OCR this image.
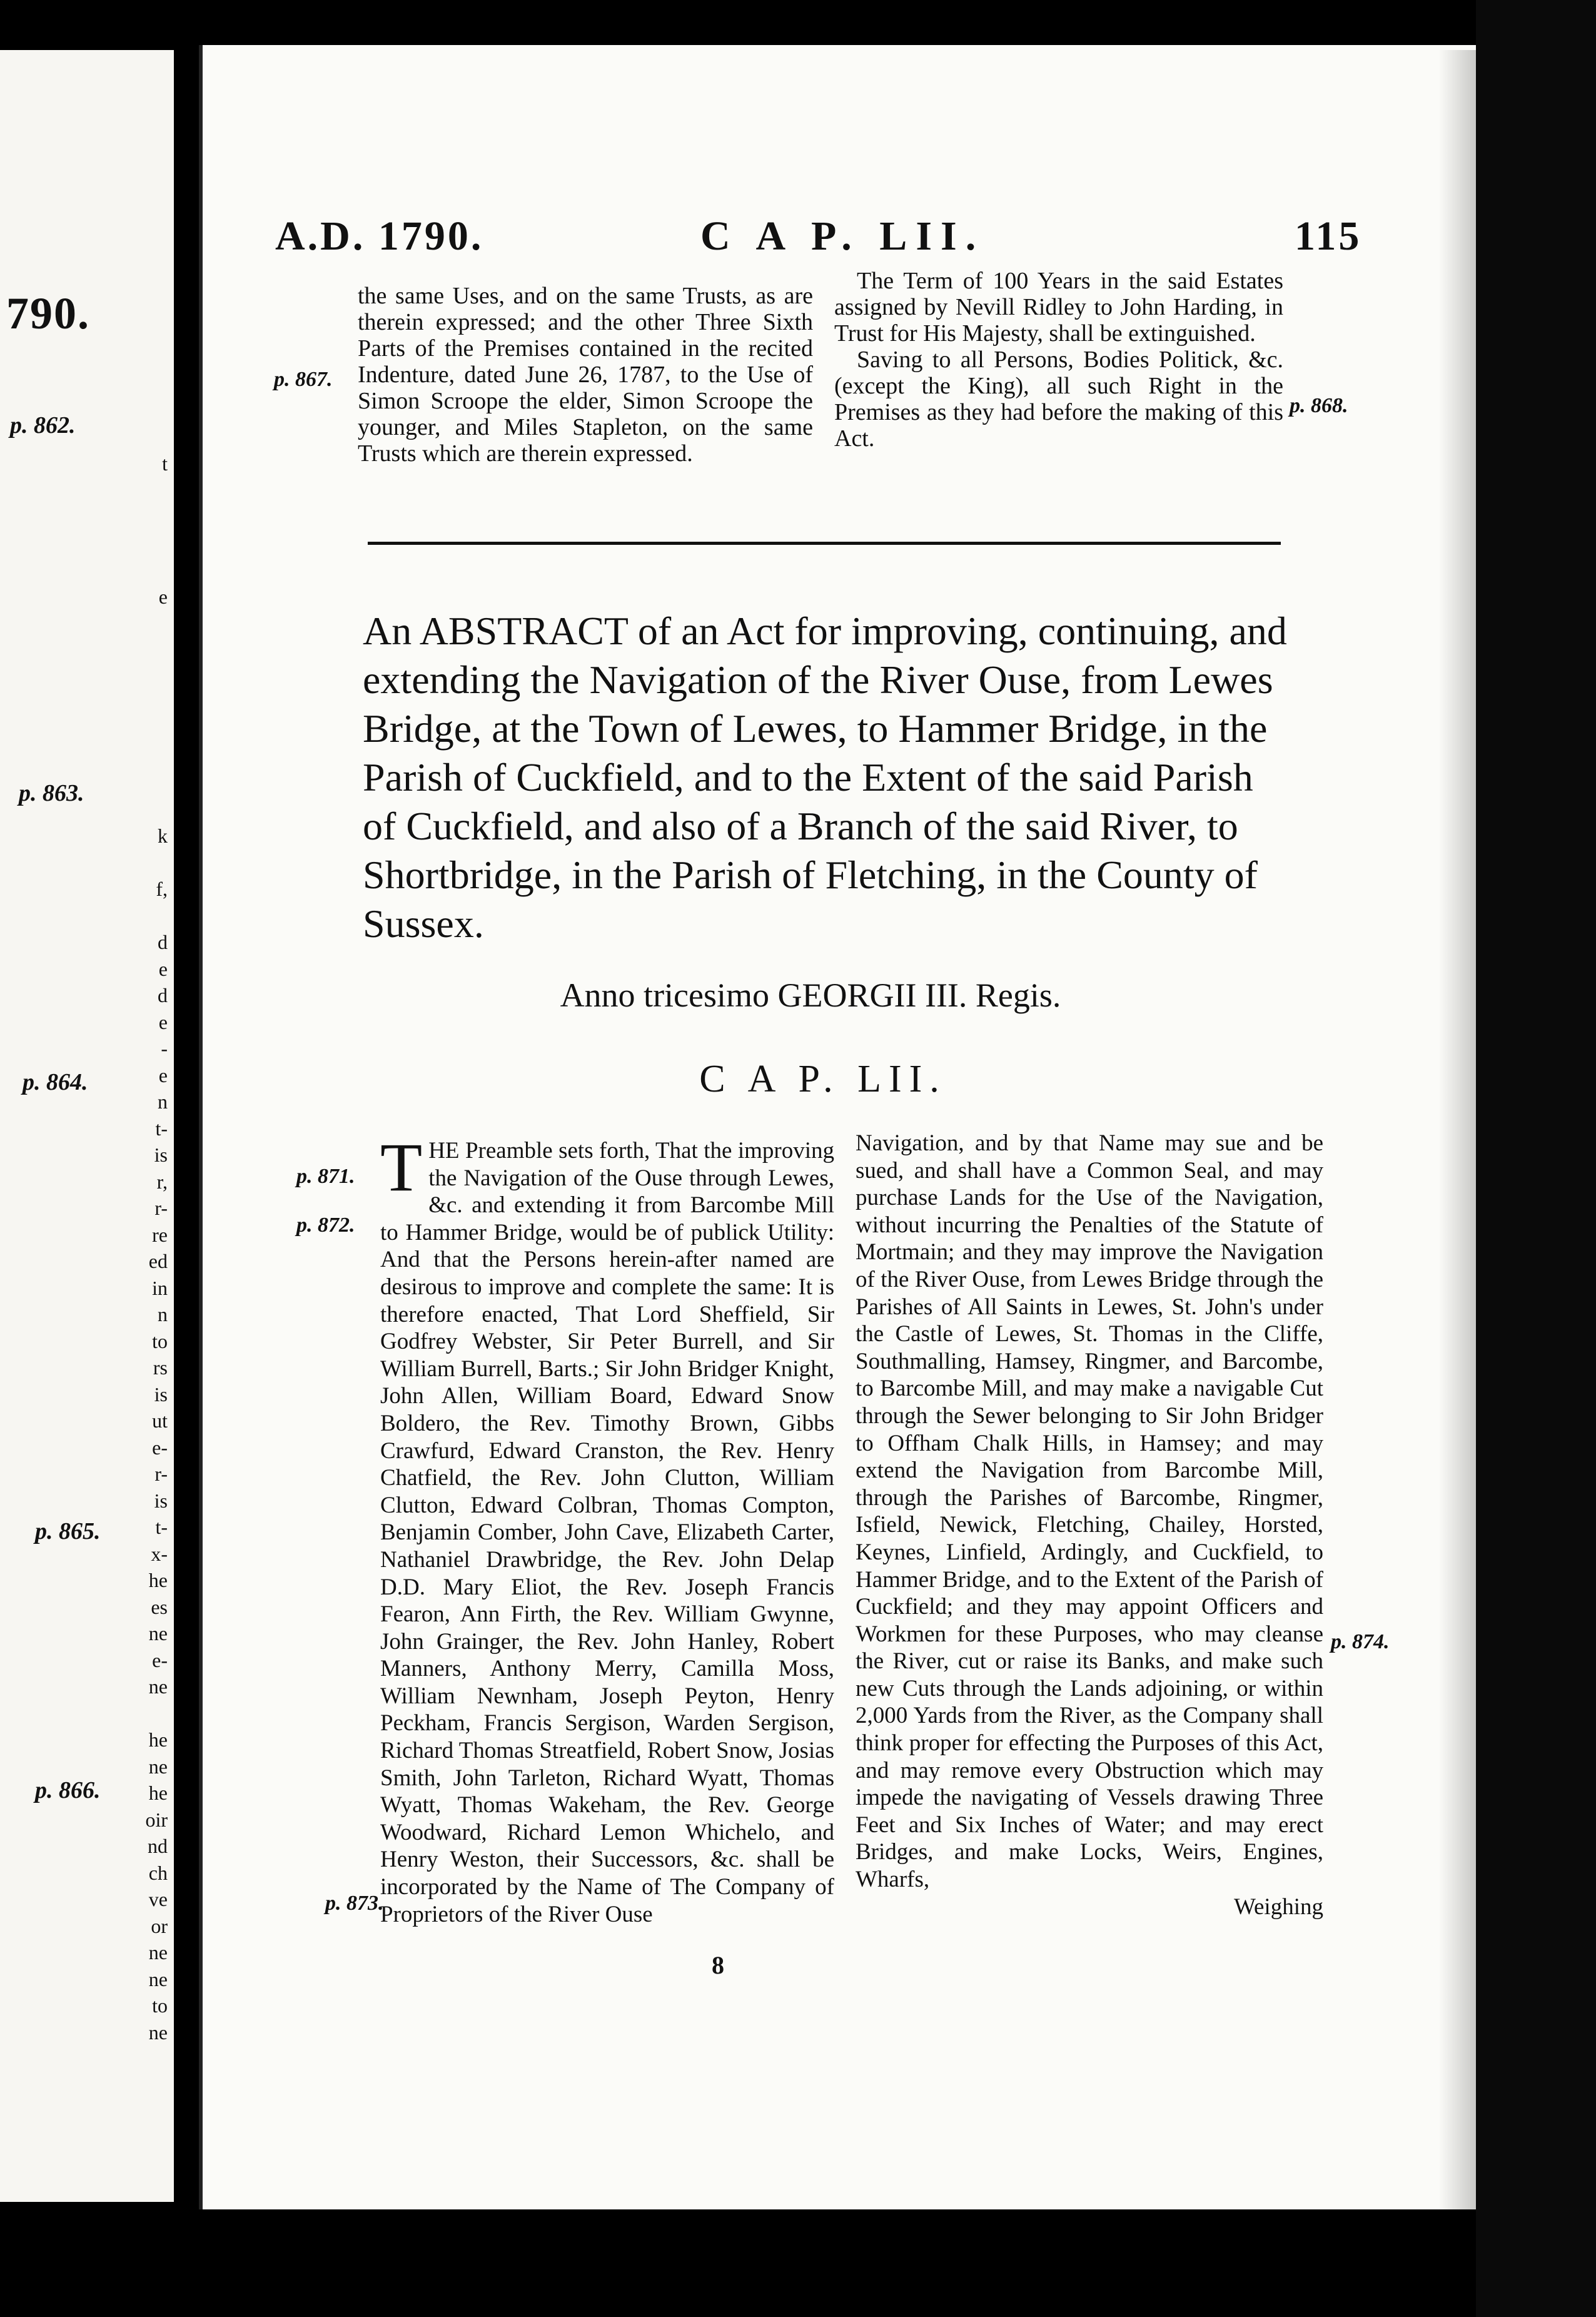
790.
p. 862.
p. 863.
p. 864.
p. 865.
p. 866.
t

e

k

f,

d
e
d
e
-
e
n
t-
is
r,
r-
re
ed
in
n
to
rs
is
ut
e-
r-
is
t-
x-
he
es
ne
e-
ne

he
ne
he
oir
nd
ch
ve
or
ne
ne
to
ne
A.D. 1790.	C A P. LII.	115
the same Uses, and on the same Trusts, as are therein expressed; and the other Three Sixth Parts of the Premises contained in the recited Indenture, dated June 26, 1787, to the Use of Simon Scroope the elder, Simon Scroope the younger, and Miles Stapleton, on the same Trusts which are therein expressed.
The Term of 100 Years in the said Estates assigned by Nevill Ridley to John Harding, in Trust for His Majesty, shall be extinguished.
Saving to all Persons, Bodies Politick, &c. (except the King), all such Right in the Premises as they had before the making of this Act.
p. 867.
p. 868.
An ABSTRACT of an Act for improving, continuing, and extending the Navigation of the River Ouse, from Lewes Bridge, at the Town of Lewes, to Hammer Bridge, in the Parish of Cuckfield, and to the Extent of the said Parish of Cuckfield, and also of a Branch of the said River, to Shortbridge, in the Parish of Fletching, in the County of Sussex.
Anno tricesimo GEORGII III. Regis.
C A P. LII.
THE Preamble sets forth, That the improving the Navigation of the Ouse through Lewes, &c. and extending it from Barcombe Mill to Hammer Bridge, would be of publick Utility: And that the Persons herein-after named are desirous to improve and complete the same: It is therefore enacted, That Lord Sheffield, Sir Godfrey Webster, Sir Peter Burrell, and Sir William Burrell, Barts.; Sir John Bridger Knight, John Allen, William Board, Edward Snow Boldero, the Rev. Timothy Brown, Gibbs Crawfurd, Edward Cranston, the Rev. Henry Chatfield, the Rev. John Clutton, William Clutton, Edward Colbran, Thomas Compton, Benjamin Comber, John Cave, Elizabeth Carter, Nathaniel Drawbridge, the Rev. John Delap D.D. Mary Eliot, the Rev. Joseph Francis Fearon, Ann Firth, the Rev. William Gwynne, John Grainger, the Rev. John Hanley, Robert Manners, Anthony Merry, Camilla Moss, William Newnham, Joseph Peyton, Henry Peckham, Francis Sergison, Warden Sergison, Richard Thomas Streatfield, Robert Snow, Josias Smith, John Tarleton, Richard Wyatt, Thomas Wyatt, Thomas Wakeham, the Rev. George Woodward, Richard Lemon Whichelo, and Henry Weston, their Successors, &c. shall be incorporated by the Name of The Company of Proprietors of the River Ouse
Navigation, and by that Name may sue and be sued, and shall have a Common Seal, and may purchase Lands for the Use of the Navigation, without incurring the Penalties of the Statute of Mortmain; and they may improve the Navigation of the River Ouse, from Lewes Bridge through the Parishes of All Saints in Lewes, St. John's under the Castle of Lewes, St. Thomas in the Cliffe, Southmalling, Hamsey, Ringmer, and Barcombe, to Barcombe Mill, and may make a navigable Cut through the Sewer belonging to Sir John Bridger to Offham Chalk Hills, in Hamsey; and may extend the Navigation from Barcombe Mill, through the Parishes of Barcombe, Ringmer, Isfield, Newick, Fletching, Chailey, Horsted, Keynes, Linfield, Ardingly, and Cuckfield, to Hammer Bridge, and to the Extent of the Parish of Cuckfield; and they may appoint Officers and Workmen for these Purposes, who may cleanse the River, cut or raise its Banks, and make such new Cuts through the Lands adjoining, or within 2,000 Yards from the River, as the Company shall think proper for effecting the Purposes of this Act, and may remove every Obstruction which may impede the navigating of Vessels drawing Three Feet and Six Inches of Water; and may erect Bridges, and make Locks, Weirs, Engines, Wharfs,
Weighing
p. 871.
p. 872.
p. 873.
p. 874.
8
